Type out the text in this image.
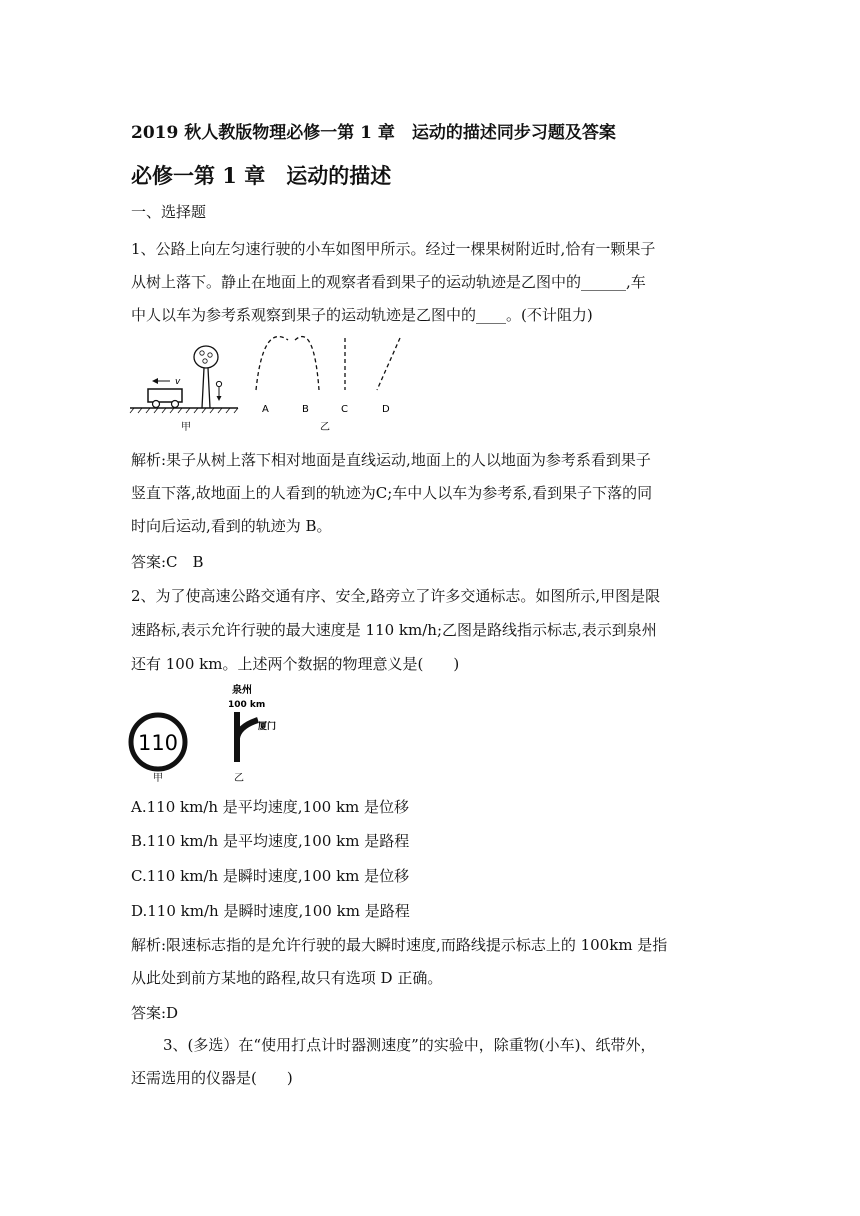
2019 秋人教版物理必修一第 1 章　运动的描述同步习题及答案
必修一第 1 章　运动的描述
一、选择题
1、公路上向左匀速行驶的小车如图甲所示。经过一棵果树附近时,恰有一颗果子
从树上落下。静止在地面上的观察者看到果子的运动轨迹是乙图中的______,车
中人以车为参考系观察到果子的运动轨迹是乙图中的____。(不计阻力)
v
A	B	C	D
甲	乙
解析:果子从树上落下相对地面是直线运动,地面上的人以地面为参考系看到果子
竖直下落,故地面上的人看到的轨迹为C;车中人以车为参考系,看到果子下落的同
时向后运动,看到的轨迹为 B。
答案:C　B
2、为了使高速公路交通有序、安全,路旁立了许多交通标志。如图所示,甲图是限
速路标,表示允许行驶的最大速度是 110 km/h;乙图是路线指示标志,表示到泉州
还有 100 km。上述两个数据的物理意义是(　　)
110
甲
泉州
100 km
厦门
乙
A.110 km/h 是平均速度,100 km 是位移
B.110 km/h 是平均速度,100 km 是路程
C.110 km/h 是瞬时速度,100 km 是位移
D.110 km/h 是瞬时速度,100 km 是路程
解析:限速标志指的是允许行驶的最大瞬时速度,而路线提示标志上的 100km 是指
从此处到前方某地的路程,故只有选项 D 正确。
答案:D
3、(多选）在“使用打点计时器测速度”的实验中，除重物(小车)、纸带外，
还需选用的仪器是(　　)
